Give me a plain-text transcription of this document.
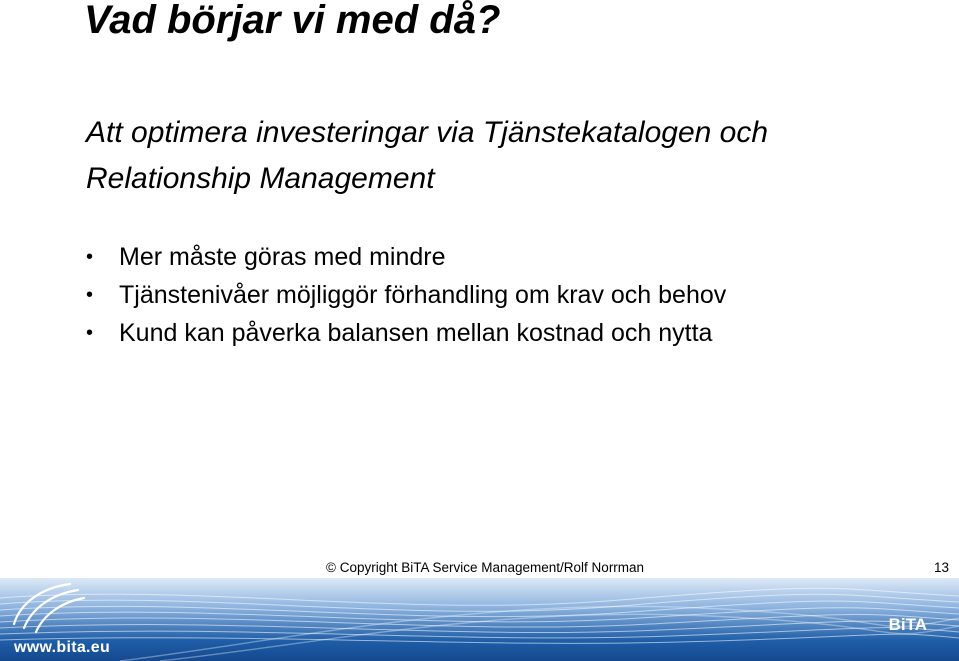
Vad börjar vi med då?

Att optimera investeringar via Tjänstekatalogen och Relationship Management

• Mer måste göras med mindre
• Tjänstenivåer möjliggör förhandling om krav och behov
• Kund kan påverka balansen mellan kostnad och nytta
© Copyright BiTA Service Management/Rolf Norrman	13
www.bita.eu
BiTA
